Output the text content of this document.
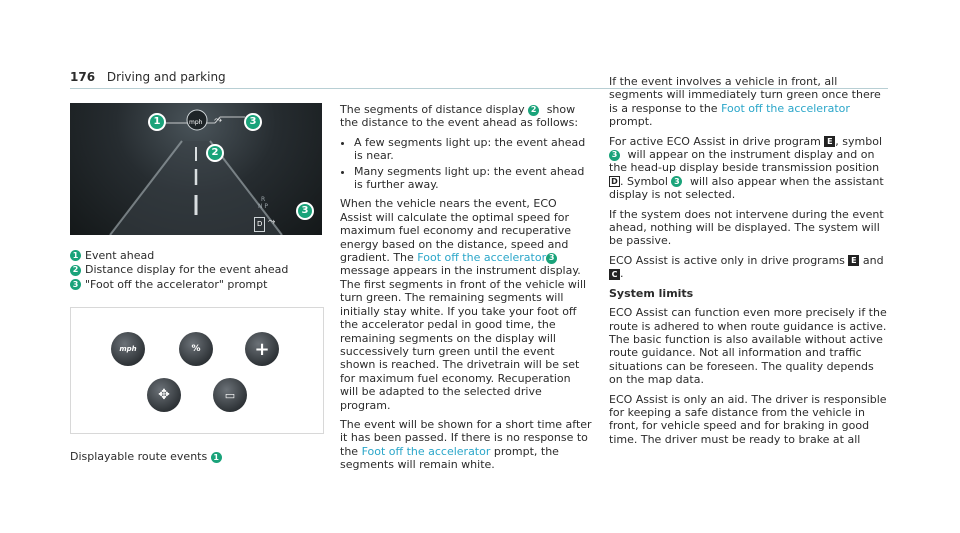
176 Driving and parking
mph ⤳
1
2
3
3
R
N P
D ⤳
1 Event ahead
2 Distance display for the event ahead
3 "Foot off the accelerator" prompt
mph	%	+
✥	▭
Displayable route events 1

The segments of distance display 2 show the distance to the event ahead as follows:

• A few segments light up: the event ahead is near.
• Many segments light up: the event ahead is further away.

When the vehicle nears the event, ECO Assist will calculate the optimal speed for maximum fuel economy and recuperative energy based on the distance, speed and gradient. The Foot off the accelerator 3 message appears in the instrument display. The first segments in front of the vehicle will turn green. The remaining segments will initially stay white. If you take your foot off the accelerator pedal in good time, the remaining segments on the display will successively turn green until the event shown is reached. The drivetrain will be set for maximum fuel economy. Recuperation will be adapted to the selected drive program.

The event will be shown for a short time after it has been passed. If there is no response to the Foot off the accelerator prompt, the segments will remain white.

If the event involves a vehicle in front, all segments will immediately turn green once there is a response to the Foot off the accelerator prompt.

For active ECO Assist in drive program E , symbol 3 will appear on the instrument display and on the head-up display beside transmission position D . Symbol 3 will also appear when the assistant display is not selected.

If the system does not intervene during the event ahead, nothing will be displayed. The system will be passive.

ECO Assist is active only in drive programs E and C .

System limits

ECO Assist can function even more precisely if the route is adhered to when route guidance is active. The basic function is also available without active route guidance. Not all information and traffic situations can be foreseen. The quality depends on the map data.

ECO Assist is only an aid. The driver is responsible for keeping a safe distance from the vehicle in front, for vehicle speed and for braking in good time. The driver must be ready to brake at all
